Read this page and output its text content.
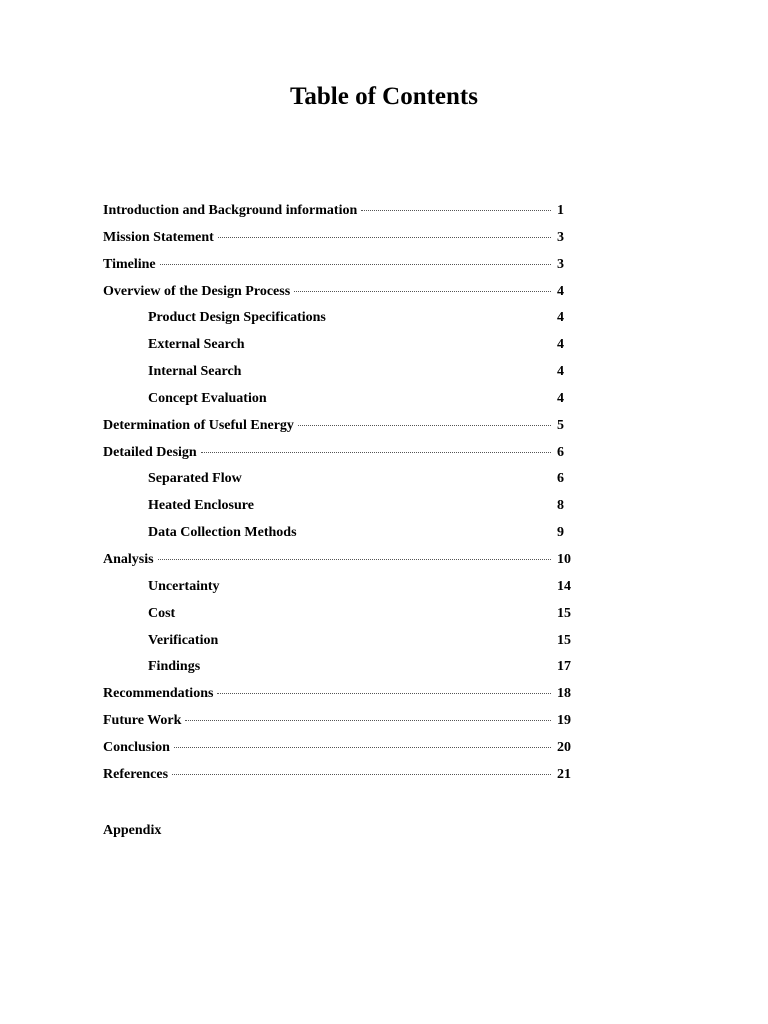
Table of Contents
Introduction and Background information	1
Mission Statement	3
Timeline	3
Overview of the Design Process	4
Product Design Specifications	4
External Search	4
Internal Search	4
Concept Evaluation	4
Determination of Useful Energy	5
Detailed Design	6
Separated Flow	6
Heated Enclosure	8
Data Collection Methods	9
Analysis	10
Uncertainty	14
Cost	15
Verification	15
Findings	17
Recommendations	18
Future Work	19
Conclusion	20
References	21
Appendix
